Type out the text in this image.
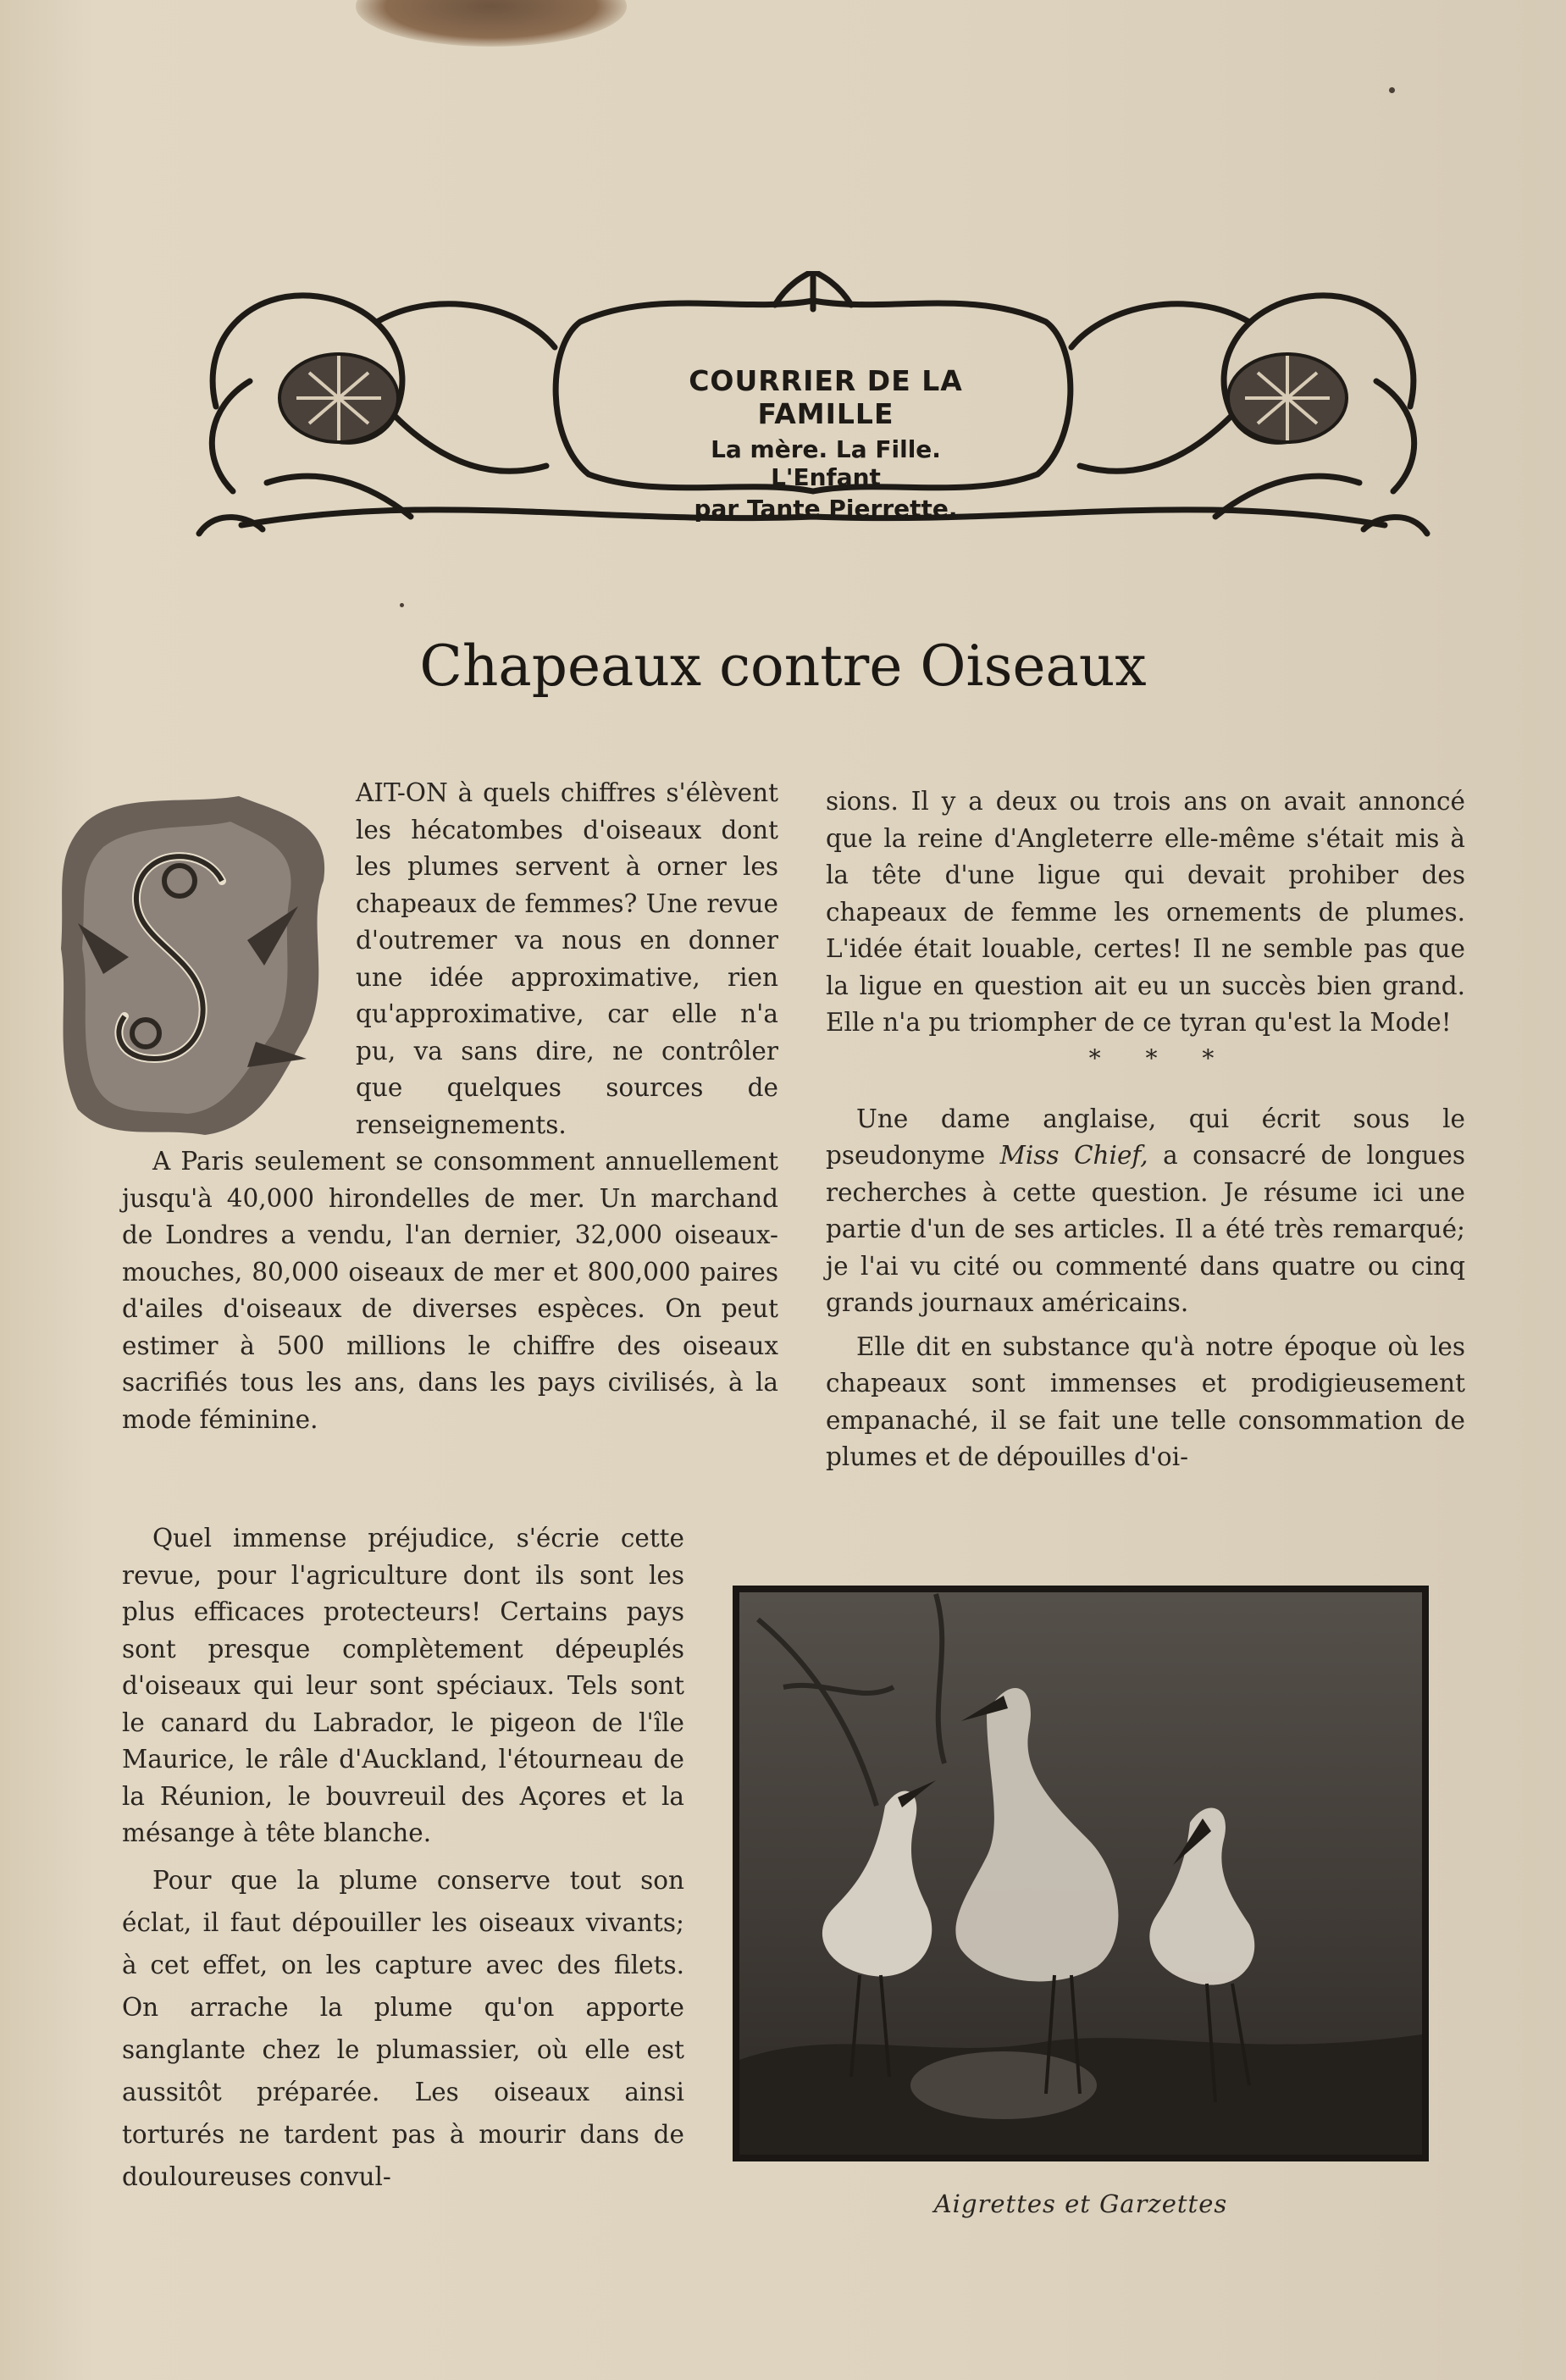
COURRIER DE LA FAMILLE
La mère. La Fille. L'Enfant
par Tante Pierrette.
Chapeaux contre Oiseaux

AIT-ON à quels chiffres s'élèvent les hécatombes d'oiseaux dont les plumes servent à orner les chapeaux de femmes? Une revue d'outremer va nous en donner une idée approximative, rien qu'approximative, car elle n'a pu, va sans dire, ne contrôler que quelques sources de renseignements.

A Paris seulement se consomment annuellement jusqu'à 40,000 hirondelles de mer. Un marchand de Londres a vendu, l'an dernier, 32,000 oiseaux-mouches, 80,000 oiseaux de mer et 800,000 paires d'ailes d'oiseaux de diverses espèces. On peut estimer à 500 millions le chiffre des oiseaux sacrifiés tous les ans, dans les pays civilisés, à la mode féminine.

Quel immense préjudice, s'écrie cette revue, pour l'agriculture dont ils sont les plus efficaces protecteurs! Certains pays sont presque complètement dépeuplés d'oiseaux qui leur sont spéciaux. Tels sont le canard du Labrador, le pigeon de l'île Maurice, le râle d'Auckland, l'étourneau de la Réunion, le bouvreuil des Açores et la mésange à tête blanche.

Pour que la plume conserve tout son éclat, il faut dépouiller les oiseaux vivants; à cet effet, on les capture avec des filets. On arrache la plume qu'on apporte sanglante chez le plumassier, où elle est aussitôt préparée. Les oiseaux ainsi torturés ne tardent pas à mourir dans de douloureuses convul-

sions. Il y a deux ou trois ans on avait annoncé que la reine d'Angleterre elle-même s'était mis à la tête d'une ligue qui devait prohiber des chapeaux de femme les ornements de plumes. L'idée était louable, certes! Il ne semble pas que la ligue en question ait eu un succès bien grand. Elle n'a pu triompher de ce tyran qu'est la Mode!

* * *

Une dame anglaise, qui écrit sous le pseudonyme Miss Chief, a consacré de longues recherches à cette question. Je résume ici une partie d'un de ses articles. Il a été très remarqué; je l'ai vu cité ou commenté dans quatre ou cinq grands journaux américains.

Elle dit en substance qu'à notre époque où les chapeaux sont immenses et prodigieusement empanaché, il se fait une telle consommation de plumes et de dépouilles d'oi-

Aigrettes et Garzettes
